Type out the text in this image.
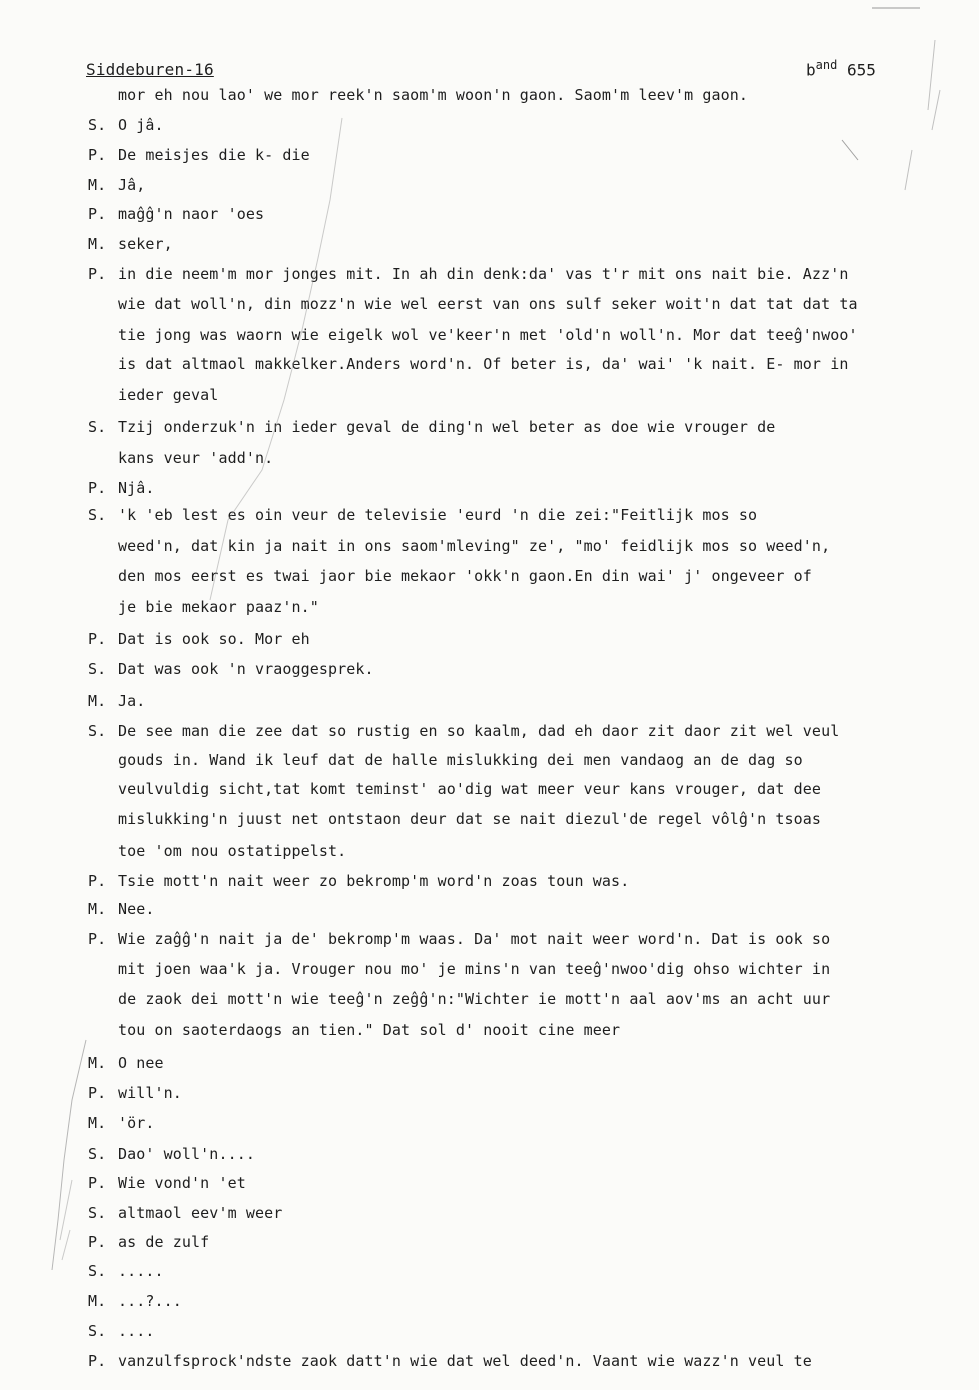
Siddeburen-16	$b^{and}$ 655
mor eh nou lao' we mor reek'n saom'm woon'n gaon. Saom'm leev'm gaon.
S. O jâ.
P. De meisjes die k- die
M. Jâ,
P. maĝĝ'n naor 'oes
M. seker,
P. in die neem'm mor jonges mit. In ah din denk:da' vas t'r mit ons nait bie. Azz'n
wie dat woll'n, din mozz'n wie wel eerst van ons sulf seker woit'n dat tat dat ta
tie jong was waorn wie eigelk wol ve'keer'n met 'old'n woll'n. Mor dat teeĝ'nwoo'
is dat altmaol makkelker.Anders word'n. Of beter is, da' wai' 'k nait. E- mor in
ieder geval
S. Tzij onderzuk'n in ieder geval de ding'n wel beter as doe wie vrouger de
kans veur 'add'n.
P. Njâ.
S. 'k 'eb lest es oin veur de televisie 'eurd 'n die zei:"Feitlijk mos so
weed'n, dat kin ja nait in ons saom'mleving" ze', "mo' feidlijk mos so weed'n,
den mos eerst es twai jaor bie mekaor 'okk'n gaon.En din wai' j' ongeveer of
je bie mekaor paaz'n."
P. Dat is ook so. Mor eh
S. Dat was ook 'n vraoggesprek.
M. Ja.
S. De see man die zee dat so rustig en so kaalm, dad eh daor zit daor zit wel veul
gouds in. Wand ik leuf dat de halle mislukking dei men vandaog an de dag so
veulvuldig sicht,tat komt teminst' ao'dig wat meer veur kans vrouger, dat dee
mislukking'n juust net ontstaon deur dat se nait diezul'de regel vôlĝ'n tsoas
toe 'om nou ostatippelst.
P. Tsie mott'n nait weer zo bekromp'm word'n zoas toun was.
M. Nee.
P. Wie zaĝĝ'n nait ja de' bekromp'm waas. Da' mot nait weer word'n. Dat is ook so
mit joen waa'k ja. Vrouger nou mo' je mins'n van teeĝ'nwoo'dig ohso wichter in
de zaok dei mott'n wie teeĝ'n zeĝĝ'n:"Wichter ie mott'n aal aov'ms an acht uur
tou on saoterdaogs an tien." Dat sol d' nooit cine meer
M. O nee
P. will'n.
M. 'ör.
S. Dao' woll'n....
P. Wie vond'n 'et
S. altmaol eev'm weer
P. as de zulf
S. .....
M. ...?...
S. ....
P. vanzulfsprock'ndste zaok datt'n wie dat wel deed'n. Vaant wie wazz'n veul te
